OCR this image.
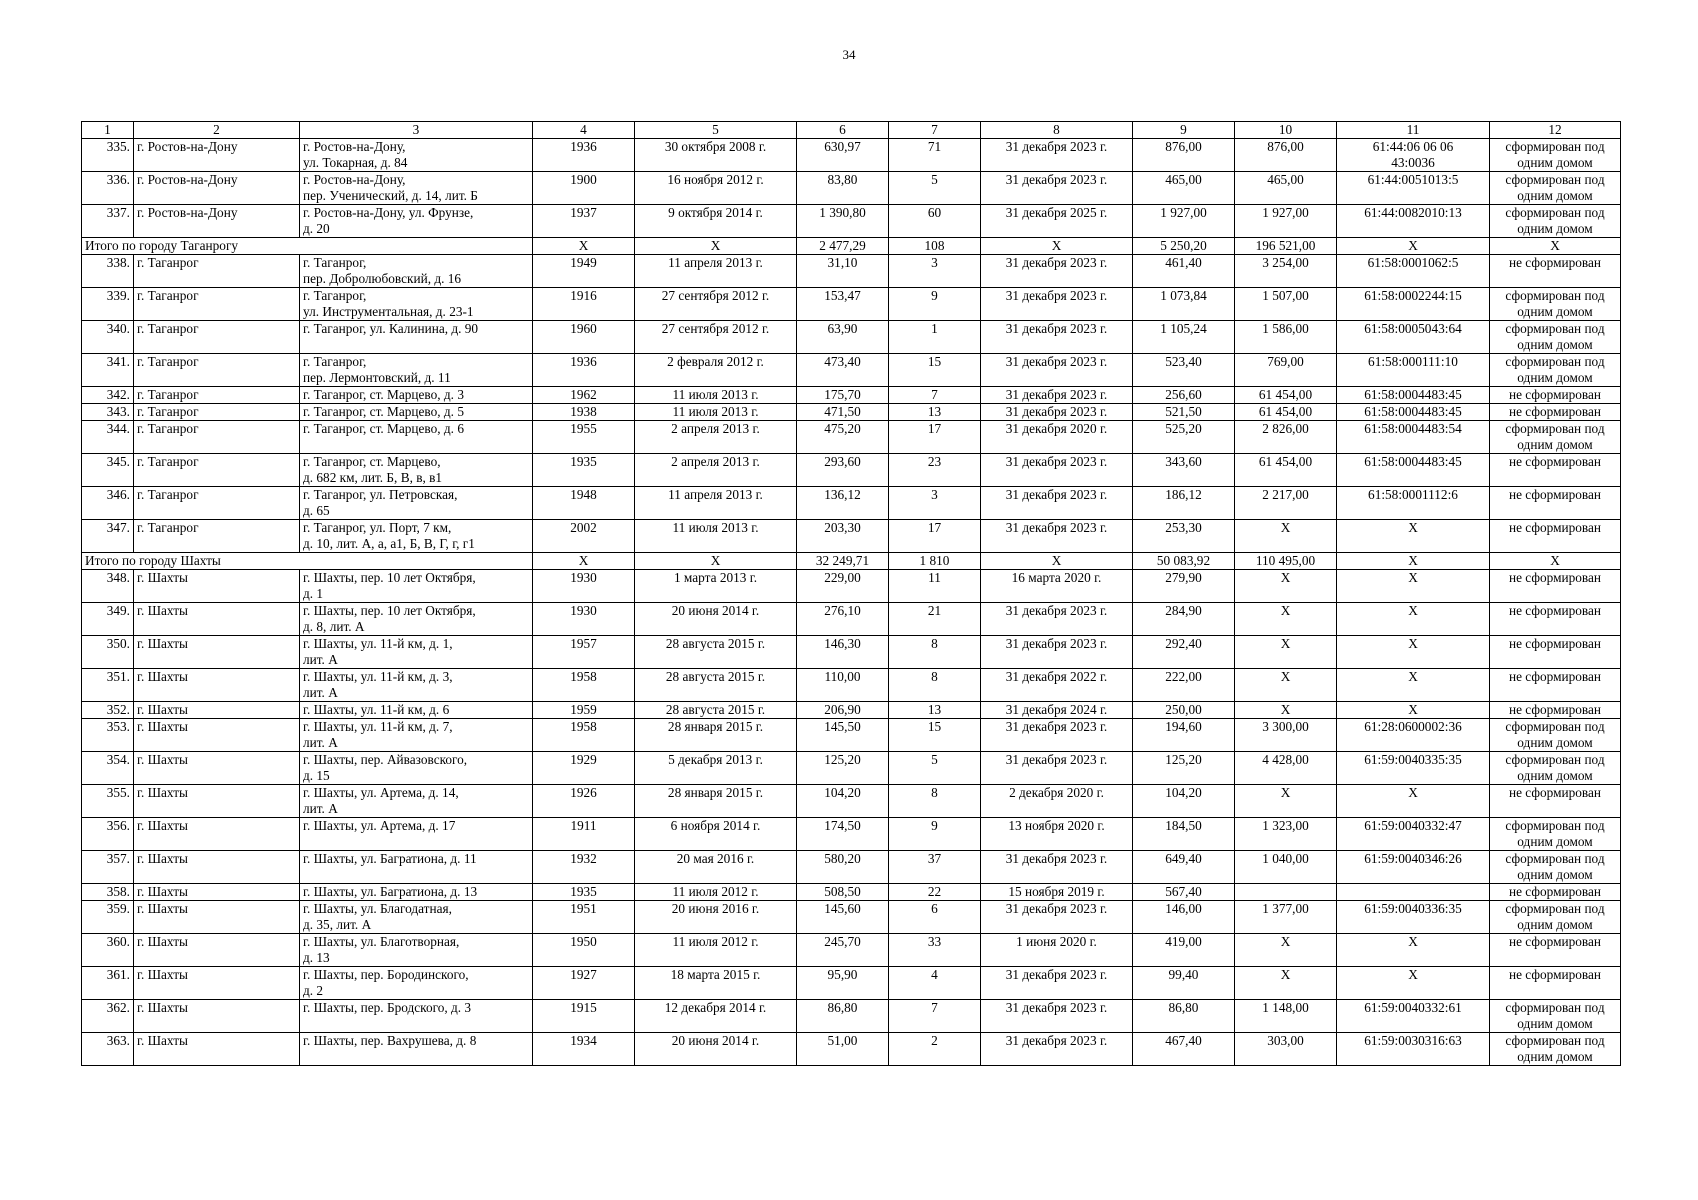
34
1	2	3	4	5	6	7	8	9	10	11	12
335.	г. Ростов-на-Дону	г. Ростов-на-Дону,
ул. Токарная, д. 84	1936	30 октября 2008 г.	630,97	71	31 декабря 2023 г.	876,00	876,00	61:44:06 06 06
43:0036	сформирован под
одним домом
336.	г. Ростов-на-Дону	г. Ростов-на-Дону,
пер. Ученический, д. 14, лит. Б	1900	16 ноября 2012 г.	83,80	5	31 декабря 2023 г.	465,00	465,00	61:44:0051013:5	сформирован под
одним домом
337.	г. Ростов-на-Дону	г. Ростов-на-Дону, ул. Фрунзе,
д. 20	1937	9 октября 2014 г.	1 390,80	60	31 декабря 2025 г.	1 927,00	1 927,00	61:44:0082010:13	сформирован под
одним домом
Итого по городу Таганрогу			X	X	2 477,29	108	X	5 250,20	196 521,00	X	X
338.	г. Таганрог	г. Таганрог,
пер. Добролюбовский, д. 16	1949	11 апреля 2013 г.	31,10	3	31 декабря 2023 г.	461,40	3 254,00	61:58:0001062:5	не сформирован
339.	г. Таганрог	г. Таганрог,
ул. Инструментальная, д. 23-1	1916	27 сентября 2012 г.	153,47	9	31 декабря 2023 г.	1 073,84	1 507,00	61:58:0002244:15	сформирован под
одним домом
340.	г. Таганрог	г. Таганрог, ул. Калинина, д. 90	1960	27 сентября 2012 г.	63,90	1	31 декабря 2023 г.	1 105,24	1 586,00	61:58:0005043:64	сформирован под
одним домом
341.	г. Таганрог	г. Таганрог,
пер. Лермонтовский, д. 11	1936	2 февраля 2012 г.	473,40	15	31 декабря 2023 г.	523,40	769,00	61:58:000111:10	сформирован под
одним домом
342.	г. Таганрог	г. Таганрог, ст. Марцево, д. 3	1962	11 июля 2013 г.	175,70	7	31 декабря 2023 г.	256,60	61 454,00	61:58:0004483:45	не сформирован
343.	г. Таганрог	г. Таганрог, ст. Марцево, д. 5	1938	11 июля 2013 г.	471,50	13	31 декабря 2023 г.	521,50	61 454,00	61:58:0004483:45	не сформирован
344.	г. Таганрог	г. Таганрог, ст. Марцево, д. 6	1955	2 апреля 2013 г.	475,20	17	31 декабря 2020 г.	525,20	2 826,00	61:58:0004483:54	сформирован под
одним домом
345.	г. Таганрог	г. Таганрог, ст. Марцево,
д. 682 км, лит. Б, В, в, в1	1935	2 апреля 2013 г.	293,60	23	31 декабря 2023 г.	343,60	61 454,00	61:58:0004483:45	не сформирован
346.	г. Таганрог	г. Таганрог, ул. Петровская,
д. 65	1948	11 апреля 2013 г.	136,12	3	31 декабря 2023 г.	186,12	2 217,00	61:58:0001112:6	не сформирован
347.	г. Таганрог	г. Таганрог, ул. Порт, 7 км,
д. 10, лит. А, а, а1, Б, В, Г, г, г1	2002	11 июля 2013 г.	203,30	17	31 декабря 2023 г.	253,30	X	X	не сформирован
Итого по городу Шахты			X	X	32 249,71	1 810	X	50 083,92	110 495,00	X	X
348.	г. Шахты	г. Шахты, пер. 10 лет Октября,
д. 1	1930	1 марта 2013 г.	229,00	11	16 марта 2020 г.	279,90	X	X	не сформирован
349.	г. Шахты	г. Шахты, пер. 10 лет Октября,
д. 8, лит. А	1930	20 июня 2014 г.	276,10	21	31 декабря 2023 г.	284,90	X	X	не сформирован
350.	г. Шахты	г. Шахты, ул. 11-й км, д. 1,
лит. А	1957	28 августа 2015 г.	146,30	8	31 декабря 2023 г.	292,40	X	X	не сформирован
351.	г. Шахты	г. Шахты, ул. 11-й км, д. 3,
лит. А	1958	28 августа 2015 г.	110,00	8	31 декабря 2022 г.	222,00	X	X	не сформирован
352.	г. Шахты	г. Шахты, ул. 11-й км, д. 6	1959	28 августа 2015 г.	206,90	13	31 декабря 2024 г.	250,00	X	X	не сформирован
353.	г. Шахты	г. Шахты, ул. 11-й км, д. 7,
лит. А	1958	28 января 2015 г.	145,50	15	31 декабря 2023 г.	194,60	3 300,00	61:28:0600002:36	сформирован под
одним домом
354.	г. Шахты	г. Шахты, пер. Айвазовского,
д. 15	1929	5 декабря 2013 г.	125,20	5	31 декабря 2023 г.	125,20	4 428,00	61:59:0040335:35	сформирован под
одним домом
355.	г. Шахты	г. Шахты, ул. Артема, д. 14,
лит. А	1926	28 января 2015 г.	104,20	8	2 декабря 2020 г.	104,20	X	X	не сформирован
356.	г. Шахты	г. Шахты, ул. Артема, д. 17	1911	6 ноября 2014 г.	174,50	9	13 ноября 2020 г.	184,50	1 323,00	61:59:0040332:47	сформирован под
одним домом
357.	г. Шахты	г. Шахты, ул. Багратиона, д. 11	1932	20 мая 2016 г.	580,20	37	31 декабря 2023 г.	649,40	1 040,00	61:59:0040346:26	сформирован под
одним домом
358.	г. Шахты	г. Шахты, ул. Багратиона, д. 13	1935	11 июля 2012 г.	508,50	22	15 ноября 2019 г.	567,40			не сформирован
359.	г. Шахты	г. Шахты, ул. Благодатная,
д. 35, лит. А	1951	20 июня 2016 г.	145,60	6	31 декабря 2023 г.	146,00	1 377,00	61:59:0040336:35	сформирован под
одним домом
360.	г. Шахты	г. Шахты, ул. Благотворная,
д. 13	1950	11 июля 2012 г.	245,70	33	1 июня 2020 г.	419,00	X	X	не сформирован
361.	г. Шахты	г. Шахты, пер. Бородинского,
д. 2	1927	18 марта 2015 г.	95,90	4	31 декабря 2023 г.	99,40	X	X	не сформирован
362.	г. Шахты	г. Шахты, пер. Бродского, д. 3	1915	12 декабря 2014 г.	86,80	7	31 декабря 2023 г.	86,80	1 148,00	61:59:0040332:61	сформирован под
одним домом
363.	г. Шахты	г. Шахты, пер. Вахрушева, д. 8	1934	20 июня 2014 г.	51,00	2	31 декабря 2023 г.	467,40	303,00	61:59:0030316:63	сформирован под
одним домом
